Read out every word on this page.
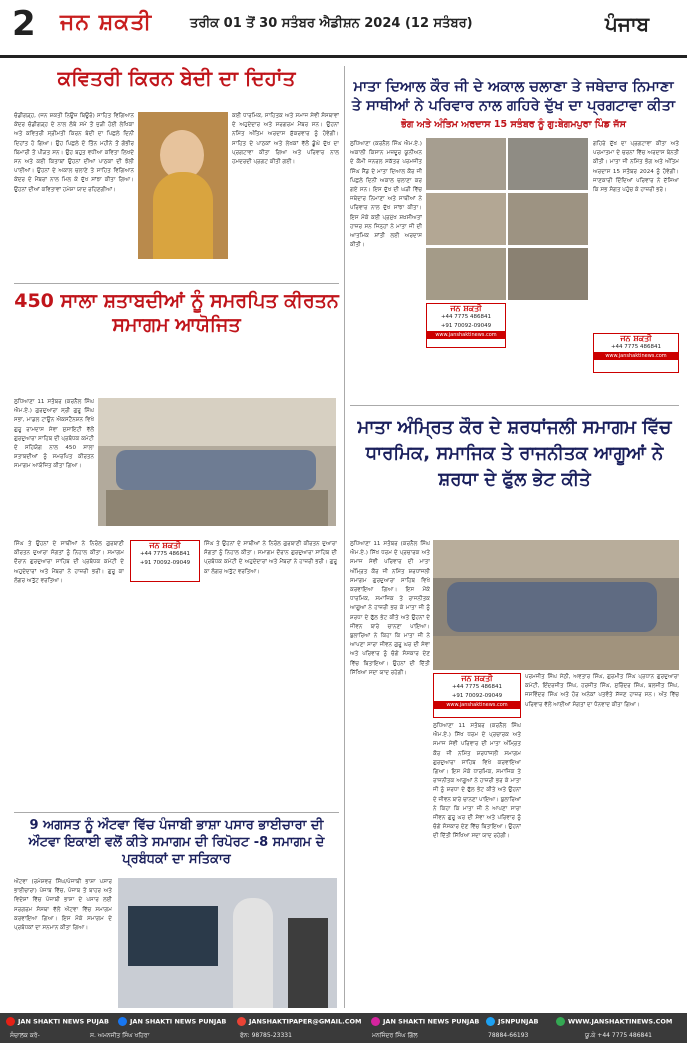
2 ਜਨ ਸ਼ਕਤੀ	ਤਰੀਕ 01 ਤੋਂ 30 ਸਤੰਬਰ ਐਡੀਸ਼ਨ 2024 (12 ਸਤੰਬਰ)	ਪੰਜਾਬ
ਕਵਿਤਰੀ ਕਿਰਨ ਬੇਦੀ ਦਾ ਦਿਹਾਂਤ
ਚੰਡੀਗੜ੍ਹ, (ਜਨ ਸ਼ਕਤੀ ਨਿਊਜ਼ ਬਿਊਰੋ) ਸਾਹਿਤ ਵਿਗਿਆਨ ਕੇਂਦਰ ਚੰਡੀਗੜ੍ਹ ਦੇ ਨਾਲ ਲੰਬੇ ਸਮੇਂ ਤੋਂ ਜੁੜੀ ਹੋਈ ਲੇਖਿਕਾ ਅਤੇ ਕਵਿਤਰੀ ਸ੍ਰੀਮਤੀ ਕਿਰਨ ਬੇਦੀ ਦਾ ਪਿਛਲੇ ਦਿਨੀਂ ਦਿਹਾਂਤ ਹੋ ਗਿਆ। ਉਹ ਪਿਛਲੇ ਦੋ ਤਿੰਨ ਮਹੀਨੇ ਤੋਂ ਗੰਭੀਰ ਬਿਮਾਰੀ ਤੋਂ ਪੀੜਤ ਸਨ। ਉਹ ਬਹੁਤ ਵਧੀਆ ਕਵਿਤਾ ਲਿਖਦੇ ਸਨ ਅਤੇ ਕਈ ਕਿਤਾਬਾਂ ਉਹਨਾਂ ਦੀਆਂ ਪਾਠਕਾਂ ਦੀ ਝੋਲੀ ਪਾਈਆਂ। ਉਹਨਾਂ ਦੇ ਅਕਾਲ ਚਲਾਣੇ ਤੇ ਸਾਹਿਤ ਵਿਗਿਆਨ ਕੇਂਦਰ ਦੇ ਮੈਂਬਰਾਂ ਨਾਲ ਮਿਲ ਕੇ ਦੁੱਖ ਸਾਂਝਾ ਕੀਤਾ ਗਿਆ। ਉਹਨਾਂ ਦੀਆਂ ਕਵਿਤਾਵਾਂ ਹਮੇਸ਼ਾ ਯਾਦ ਰਹਿਣਗੀਆਂ।
ਕਈ ਧਾਰਮਿਕ, ਸਾਹਿਤਕ ਅਤੇ ਸਮਾਜ ਸੇਵੀ ਸੰਸਥਾਵਾਂ ਦੇ ਅਹੁਦੇਦਾਰ ਅਤੇ ਸਰਗਰਮ ਮੈਂਬਰ ਸਨ। ਉਹਨਾਂ ਨਮਿੱਤ ਅੰਤਿਮ ਅਰਦਾਸ ਸ਼ੁੱਕਰਵਾਰ ਨੂੰ ਹੋਵੇਗੀ। ਸਾਹਿਤ ਦੇ ਪਾਠਕਾਂ ਅਤੇ ਲੇਖਕਾਂ ਵੱਲੋਂ ਡੂੰਘੇ ਦੁੱਖ ਦਾ ਪ੍ਰਗਟਾਵਾ ਕੀਤਾ ਗਿਆ ਅਤੇ ਪਰਿਵਾਰ ਨਾਲ ਹਮਦਰਦੀ ਪ੍ਰਗਟ ਕੀਤੀ ਗਈ।
450 ਸਾਲਾ ਸ਼ਤਾਬਦੀਆਂ ਨੂੰ ਸਮਰਪਿਤ ਕੀਰਤਨ ਸਮਾਗਮ ਆਯੋਜਿਤ
ਲੁਧਿਆਣਾ 11 ਸਤੰਬਰ (ਕਰਨੈਲ ਸਿੰਘ ਐਮ.ਏ.) ਗੁਰਦੁਆਰਾ ਸ੍ਰੀ ਗੁਰੂ ਸਿੰਘ ਸਭਾ, ਮਾਡਲ ਟਾਊਨ ਐਕਸਟੈਨਸ਼ਨ ਵਿਖੇ ਗੁਰੂ ਰਾਮਦਾਸ ਸੇਵਾ ਸੁਸਾਇਟੀ ਵੱਲੋਂ ਗੁਰਦੁਆਰਾ ਸਾਹਿਬ ਦੀ ਪ੍ਰਬੰਧਕ ਕਮੇਟੀ ਦੇ ਸਹਿਯੋਗ ਨਾਲ 450 ਸਾਲਾ ਸ਼ਤਾਬਦੀਆਂ ਨੂੰ ਸਮਰਪਿਤ ਕੀਰਤਨ ਸਮਾਗਮ ਆਯੋਜਿਤ ਕੀਤਾ ਗਿਆ।
ਸਿੰਘ ਤੇ ਉਹਨਾਂ ਦੇ ਸਾਥੀਆਂ ਨੇ ਨਿਰੋਲ ਗੁਰਬਾਣੀ ਕੀਰਤਨ ਦੁਆਰਾ ਸੰਗਤਾਂ ਨੂੰ ਨਿਹਾਲ ਕੀਤਾ। ਸਮਾਗਮ ਦੌਰਾਨ ਗੁਰਦੁਆਰਾ ਸਾਹਿਬ ਦੀ ਪ੍ਰਬੰਧਕ ਕਮੇਟੀ ਦੇ ਅਹੁਦੇਦਾਰਾਂ ਅਤੇ ਮੈਂਬਰਾਂ ਨੇ ਹਾਜ਼ਰੀ ਭਰੀ। ਗੁਰੂ ਕਾ ਲੰਗਰ ਅਤੁੱਟ ਵਰਤਿਆ।
ਜਨ ਸ਼ਕਤੀ
+44 7775 486841
+91 70092-09049
ਸਿੰਘ ਤੇ ਉਹਨਾਂ ਦੇ ਸਾਥੀਆਂ ਨੇ ਨਿਰੋਲ ਗੁਰਬਾਣੀ ਕੀਰਤਨ ਦੁਆਰਾ ਸੰਗਤਾਂ ਨੂੰ ਨਿਹਾਲ ਕੀਤਾ। ਸਮਾਗਮ ਦੌਰਾਨ ਗੁਰਦੁਆਰਾ ਸਾਹਿਬ ਦੀ ਪ੍ਰਬੰਧਕ ਕਮੇਟੀ ਦੇ ਅਹੁਦੇਦਾਰਾਂ ਅਤੇ ਮੈਂਬਰਾਂ ਨੇ ਹਾਜ਼ਰੀ ਭਰੀ। ਗੁਰੂ ਕਾ ਲੰਗਰ ਅਤੁੱਟ ਵਰਤਿਆ।
9 ਅਗਸਤ ਨੂੰ ਔਟਵਾ ਵਿੱਚ ਪੰਜਾਬੀ ਭਾਸ਼ਾ ਪਸਾਰ ਭਾਈਚਾਰਾ ਦੀ ਔਟਵਾ ਇਕਾਈ ਵਲੋਂ ਕੀਤੇ ਸਮਾਗਮ ਦੀ ਰਿਪੋਰਟ -8 ਸਮਾਗਮ ਦੇ ਪ੍ਰਬੰਧਕਾਂ ਦਾ ਸਤਿਕਾਰ
ਔਟਵਾ (ਰਮੇਸ਼ਵਰ ਸਿੰਘ/ਪੰਜਾਬੀ ਭਾਸ਼ਾ ਪਸਾਰ ਭਾਈਚਾਰਾ) ਪੰਜਾਬ ਵਿੱਚ, ਪੰਜਾਬ ਤੋਂ ਬਾਹਰ ਅਤੇ ਵਿਦੇਸ਼ਾਂ ਵਿੱਚ ਪੰਜਾਬੀ ਭਾਸ਼ਾ ਦੇ ਪਸਾਰ ਲਈ ਸਰਗਰਮ ਸੰਸਥਾ ਵੱਲੋਂ ਔਟਵਾ ਵਿੱਚ ਸਮਾਗਮ ਕਰਵਾਇਆ ਗਿਆ। ਇਸ ਮੌਕੇ ਸਮਾਗਮ ਦੇ ਪ੍ਰਬੰਧਕਾਂ ਦਾ ਸਨਮਾਨ ਕੀਤਾ ਗਿਆ।
ਮਾਤਾ ਦਿਆਲ ਕੌਰ ਜੀ ਦੇ ਅਕਾਲ ਚਲਾਣਾ ਤੇ ਜਥੇਦਾਰ ਨਿਮਾਣਾ ਤੇ ਸਾਥੀਆਂ ਨੇ ਪਰਿਵਾਰ ਨਾਲ ਗਹਿਰੇ ਦੁੱਖ ਦਾ ਪ੍ਰਗਟਾਵਾ ਕੀਤਾ
ਭੋਗ ਅਤੇ ਅੰਤਿਮ ਅਰਦਾਸ 15 ਸਤੰਬਰ ਨੂੰ ਗੁ:ਬੇਗਮਪੁਰਾ ਪਿੰਡ ਜੱਸ
ਲੁਧਿਆਣਾ (ਕਰਨੈਲ ਸਿੰਘ ਐਮ.ਏ.) ਅਕਾਲੀ ਕਿਸਾਨ ਮਜ਼ਦੂਰ ਯੂਨੀਅਨ ਦੇ ਕੌਮੀ ਜਨਰਲ ਸਕੱਤਰ ਪਰਮਜੀਤ ਸਿੰਘ ਸੈਂਡ ਦੇ ਮਾਤਾ ਦਿਆਲ ਕੌਰ ਜੀ ਪਿਛਲੇ ਦਿਨੀਂ ਅਕਾਲ ਚਲਾਣਾ ਕਰ ਗਏ ਸਨ। ਇਸ ਦੁੱਖ ਦੀ ਘੜੀ ਵਿੱਚ ਜਥੇਦਾਰ ਨਿਮਾਣਾ ਅਤੇ ਸਾਥੀਆਂ ਨੇ ਪਰਿਵਾਰ ਨਾਲ ਦੁੱਖ ਸਾਂਝਾ ਕੀਤਾ। ਇਸ ਮੌਕੇ ਕਈ ਪ੍ਰਮੁੱਖ ਸ਼ਖ਼ਸੀਅਤਾਂ ਹਾਜ਼ਰ ਸਨ ਜਿਨ੍ਹਾਂ ਨੇ ਮਾਤਾ ਜੀ ਦੀ ਆਤਮਿਕ ਸ਼ਾਂਤੀ ਲਈ ਅਰਦਾਸ ਕੀਤੀ।
ਜਨ ਸ਼ਕਤੀ
+44 7775 486841
+91 70092-09049
www.janshaktinews.com
ਗਹਿਰੇ ਦੁੱਖ ਦਾ ਪ੍ਰਗਟਾਵਾ ਕੀਤਾ ਅਤੇ ਪਰਮਾਤਮਾ ਦੇ ਚਰਨਾਂ ਵਿੱਚ ਅਰਦਾਸ ਬੇਨਤੀ ਕੀਤੀ। ਮਾਤਾ ਜੀ ਨਮਿੱਤ ਭੋਗ ਅਤੇ ਅੰਤਿਮ ਅਰਦਾਸ 15 ਸਤੰਬਰ 2024 ਨੂੰ ਹੋਵੇਗੀ। ਜਾਣਕਾਰੀ ਦਿੰਦਿਆਂ ਪਰਿਵਾਰ ਨੇ ਦੱਸਿਆ ਕਿ ਸਭ ਸੰਗਤ ਪਹੁੰਚ ਕੇ ਹਾਜ਼ਰੀ ਭਰੇ।
ਜਨ ਸ਼ਕਤੀ
+44 7775 486841
www.janshaktinews.com
ਮਾਤਾ ਅੰਮ੍ਰਿਤ ਕੌਰ ਦੇ ਸ਼ਰਧਾਂਜਲੀ ਸਮਾਗਮ ਵਿੱਚ ਧਾਰਮਿਕ, ਸਮਾਜਿਕ ਤੇ ਰਾਜਨੀਤਕ ਆਗੂਆਂ ਨੇ ਸ਼ਰਧਾ ਦੇ ਫੁੱਲ ਭੇਟ ਕੀਤੇ
ਲੁਧਿਆਣਾ 11 ਸਤੰਬਰ (ਕਰਨੈਲ ਸਿੰਘ ਐਮ.ਏ.) ਸਿੱਖ ਧਰਮ ਦੇ ਪ੍ਰਚਾਰਕ ਅਤੇ ਸਮਾਜ ਸੇਵੀ ਪਰਿਵਾਰ ਦੀ ਮਾਤਾ ਅੰਮ੍ਰਿਤ ਕੌਰ ਜੀ ਨਮਿੱਤ ਸ਼ਰਧਾਂਜਲੀ ਸਮਾਗਮ ਗੁਰਦੁਆਰਾ ਸਾਹਿਬ ਵਿਖੇ ਕਰਵਾਇਆ ਗਿਆ। ਇਸ ਮੌਕੇ ਧਾਰਮਿਕ, ਸਮਾਜਿਕ ਤੇ ਰਾਜਨੀਤਕ ਆਗੂਆਂ ਨੇ ਹਾਜ਼ਰੀ ਭਰ ਕੇ ਮਾਤਾ ਜੀ ਨੂੰ ਸ਼ਰਧਾ ਦੇ ਫੁੱਲ ਭੇਟ ਕੀਤੇ ਅਤੇ ਉਹਨਾਂ ਦੇ ਜੀਵਨ ਬਾਰੇ ਚਾਨਣਾ ਪਾਇਆ। ਬੁਲਾਰਿਆਂ ਨੇ ਕਿਹਾ ਕਿ ਮਾਤਾ ਜੀ ਨੇ ਆਪਣਾ ਸਾਰਾ ਜੀਵਨ ਗੁਰੂ ਘਰ ਦੀ ਸੇਵਾ ਅਤੇ ਪਰਿਵਾਰ ਨੂੰ ਚੰਗੇ ਸੰਸਕਾਰ ਦੇਣ ਵਿੱਚ ਬਿਤਾਇਆ। ਉਹਨਾਂ ਦੀ ਦਿੱਤੀ ਸਿੱਖਿਆ ਸਦਾ ਯਾਦ ਰਹੇਗੀ।
ਜਨ ਸ਼ਕਤੀ
+44 7775 486841
+91 70092-09049
www.janshaktinews.com
ਪਰਮਜੀਤ ਸਿੰਘ ਸੇਠੀ, ਅਵਤਾਰ ਸਿੰਘ, ਗੁਰਮੀਤ ਸਿੰਘ ਪ੍ਰਧਾਨ ਗੁਰਦੁਆਰਾ ਕਮੇਟੀ, ਇੰਦਰਜੀਤ ਸਿੰਘ, ਹਰਜੀਤ ਸਿੰਘ, ਸੁਰਿੰਦਰ ਸਿੰਘ, ਬਲਜੀਤ ਸਿੰਘ, ਜਸਵਿੰਦਰ ਸਿੰਘ ਅਤੇ ਹੋਰ ਅਨੇਕਾਂ ਪਤਵੰਤੇ ਸੱਜਣ ਹਾਜ਼ਰ ਸਨ। ਅੰਤ ਵਿੱਚ ਪਰਿਵਾਰ ਵੱਲੋਂ ਆਈਆਂ ਸੰਗਤਾਂ ਦਾ ਧੰਨਵਾਦ ਕੀਤਾ ਗਿਆ।
ਲੁਧਿਆਣਾ 11 ਸਤੰਬਰ (ਕਰਨੈਲ ਸਿੰਘ ਐਮ.ਏ.) ਸਿੱਖ ਧਰਮ ਦੇ ਪ੍ਰਚਾਰਕ ਅਤੇ ਸਮਾਜ ਸੇਵੀ ਪਰਿਵਾਰ ਦੀ ਮਾਤਾ ਅੰਮ੍ਰਿਤ ਕੌਰ ਜੀ ਨਮਿੱਤ ਸ਼ਰਧਾਂਜਲੀ ਸਮਾਗਮ ਗੁਰਦੁਆਰਾ ਸਾਹਿਬ ਵਿਖੇ ਕਰਵਾਇਆ ਗਿਆ। ਇਸ ਮੌਕੇ ਧਾਰਮਿਕ, ਸਮਾਜਿਕ ਤੇ ਰਾਜਨੀਤਕ ਆਗੂਆਂ ਨੇ ਹਾਜ਼ਰੀ ਭਰ ਕੇ ਮਾਤਾ ਜੀ ਨੂੰ ਸ਼ਰਧਾ ਦੇ ਫੁੱਲ ਭੇਟ ਕੀਤੇ ਅਤੇ ਉਹਨਾਂ ਦੇ ਜੀਵਨ ਬਾਰੇ ਚਾਨਣਾ ਪਾਇਆ। ਬੁਲਾਰਿਆਂ ਨੇ ਕਿਹਾ ਕਿ ਮਾਤਾ ਜੀ ਨੇ ਆਪਣਾ ਸਾਰਾ ਜੀਵਨ ਗੁਰੂ ਘਰ ਦੀ ਸੇਵਾ ਅਤੇ ਪਰਿਵਾਰ ਨੂੰ ਚੰਗੇ ਸੰਸਕਾਰ ਦੇਣ ਵਿੱਚ ਬਿਤਾਇਆ। ਉਹਨਾਂ ਦੀ ਦਿੱਤੀ ਸਿੱਖਿਆ ਸਦਾ ਯਾਦ ਰਹੇਗੀ।
JAN SHAKTI NEWS PUJAB	JAN SHAKTI NEWS PUNJAB	JANSHAKTIPAPER@GMAIL.COM	JAN SHAKTI NEWS PUNJAB	JSNPUNJAB	WWW.JANSHAKTINEWS.COM
ਸੰਚਾਲਕ ਕਰੋ-	ਸ. ਅਮਨਜੀਤ ਸਿੰਘ ਖਹਿਰਾ	ਫੋਨ: 98785-23331	ਮਨਜਿੰਦਰ ਸਿੰਘ ਗਿੱਲ	78884-66193	ਯੂ.ਕੇ +44 7775 486841
